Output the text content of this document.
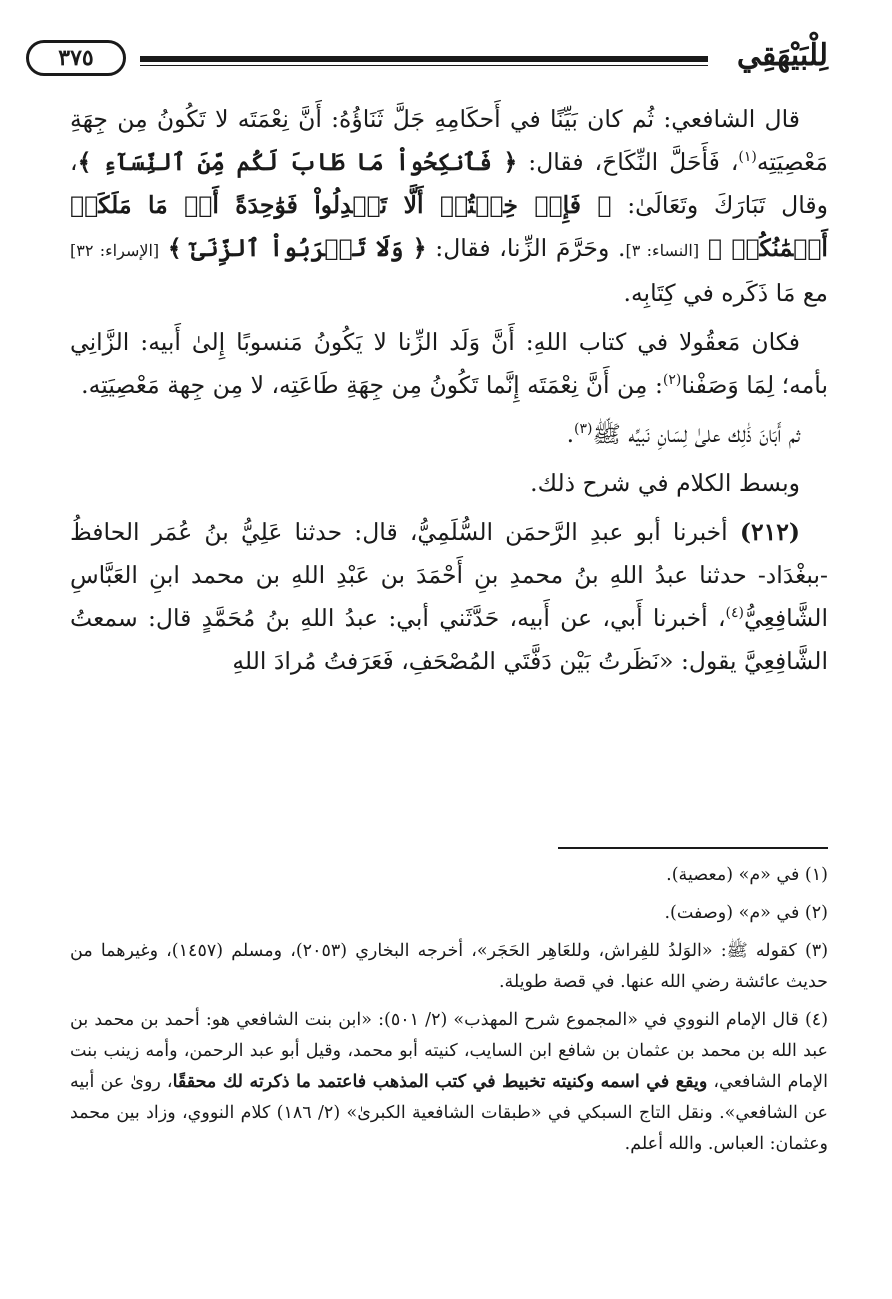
لِلْبَيْهَقِي
٣٧٥

قال الشافعي: ثُم كان بَيِّنًا في أَحكَامِهِ جَلَّ ثَنَاؤُهُ: أَنَّ نِعْمَتَه لا تَكُونُ مِن جِهَةِ مَعْصِيَتِه$^{(١)}$، فَأَحَلَّ النِّكَاحَ، فقال: ﴿ فَٱنكِحُواْ مَا طَابَ لَكُم مِّنَ ٱلنِّسَآءِ ﴾، وقال تَبَارَكَ وتَعَالَىٰ: ﴿ فَإِنۡ خِفۡتُمۡ أَلَّا تَعۡدِلُواْ فَوَٰحِدَةً أَوۡ مَا مَلَكَتۡ أَيۡمَٰنُكُمۡ ﴾ [النساء: ٣]. وحَرَّمَ الزِّنا، فقال: ﴿ وَلَا تَقۡرَبُواْ ٱلزِّنَىٰٓ ﴾ [الإسراء: ٣٢] مع مَا ذَكَره في كِتَابِه.

فكان مَعقُولا في كتاب اللهِ: أَنَّ وَلَد الزِّنا لا يَكُونُ مَنسوبًا إِلىٰ أَبيه: الزَّانِي بأمه؛ لِمَا وَصَفْنا$^{(٢)}$: مِن أَنَّ نِعْمَتَه إِنَّما تَكُونُ مِن جِهَةِ طَاعَتِه، لا مِن جِهة مَعْصِيَتِه.

ثم أَبَانَ ذَٰلِك علىٰ لِسَانِ نَبيِّه ﷺ$^{(٣)}$.

وبسط الكلام في شرح ذلك.

(٢١٢) أخبرنا أبو عبدِ الرَّحمَن السُّلَمِيُّ، قال: حدثنا عَلِيُّ بنُ عُمَر الحافظُ -ببغْدَاد- حدثنا عبدُ اللهِ بنُ محمدِ بنِ أَحْمَدَ بن عَبْدِ اللهِ بن محمد ابنِ العَبَّاسِ الشَّافِعِيُّ$^{(٤)}$، أخبرنا أَبي، عن أَبيه، حَدَّثَني أبي: عبدُ اللهِ بنُ مُحَمَّدٍ قال: سمعتُ الشَّافِعِيَّ يقول: «نَظَرتُ بَيْن دَفَّتَي المُصْحَفِ، فَعَرَفتُ مُرادَ اللهِ

(١) في «م» (معصية).
(٢) في «م» (وصفت).
(٣) كقوله ﷺ: «الوَلدُ للفِراش، وللعَاهِر الحَجَر»، أخرجه البخاري (٢٠٥٣)، ومسلم (١٤٥٧)، وغيرهما من حديث عائشة رضي الله عنها. في قصة طويلة.
(٤) قال الإمام النووي في «المجموع شرح المهذب» (٢/ ٥٠١): «ابن بنت الشافعي هو: أحمد بن محمد بن عبد الله بن محمد بن عثمان بن شافع ابن السايب، كنيته أبو محمد، وقيل أبو عبد الرحمن، وأمه زينب بنت الإمام الشافعي، ويقع في اسمه وكنيته تخبيط في كتب المذهب فاعتمد ما ذكرته لك محققًا، روىٰ عن أبيه عن الشافعي». ونقل التاج السبكي في «طبقات الشافعية الكبرىٰ» (٢/ ١٨٦) كلام النووي، وزاد بين محمد وعثمان: العباس. والله أعلم.
